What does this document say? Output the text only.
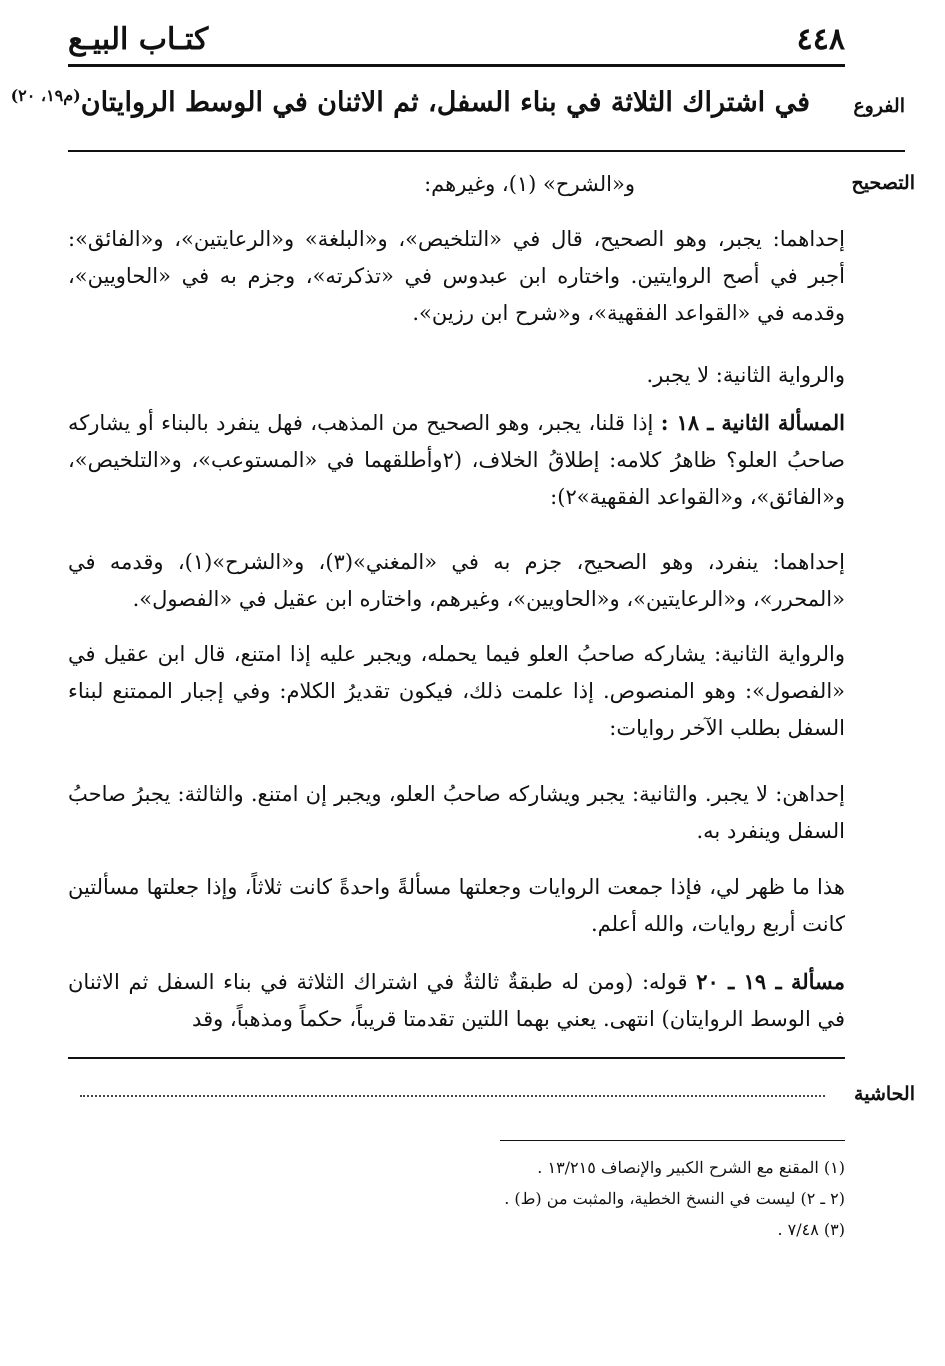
٤٤٨
كتـاب البيـع
الفروع
في اشتراك الثلاثة في بناء السفل، ثم الاثنان في الوسط الروايتان$^{(م١٩، ٢٠)}$
التصحيح

و«الشرح» (١)، وغيرهم:

إحداهما: يجبر، وهو الصحيح، قال في «التلخيص»، و«البلغة» و«الرعايتين»، و«الفائق»: أجبر في أصح الروايتين. واختاره ابن عبدوس في «تذكرته»، وجزم به في «الحاويين»، وقدمه في «القواعد الفقهية»، و«شرح ابن رزين».

والرواية الثانية: لا يجبر.

المسألة الثانية ـ ١٨ : إذا قلنا، يجبر، وهو الصحيح من المذهب، فهل ينفرد بالبناء أو يشاركه صاحبُ العلو؟ ظاهرُ كلامه: إطلاقُ الخلاف، (٢وأطلقهما في «المستوعب»، و«التلخيص»، و«الفائق»، و«القواعد الفقهية»٢):

إحداهما: ينفرد، وهو الصحيح، جزم به في «المغني»(٣)، و«الشرح»(١)، وقدمه في «المحرر»، و«الرعايتين»، و«الحاويين»، وغيرهم، واختاره ابن عقيل في «الفصول».

والرواية الثانية: يشاركه صاحبُ العلو فيما يحمله، ويجبر عليه إذا امتنع، قال ابن عقيل في «الفصول»: وهو المنصوص. إذا علمت ذلك، فيكون تقديرُ الكلام: وفي إجبار الممتنع لبناء السفل بطلب الآخر روايات:

إحداهن: لا يجبر. والثانية: يجبر ويشاركه صاحبُ العلو، ويجبر إن امتنع. والثالثة: يجبرُ صاحبُ السفل وينفرد به.

هذا ما ظهر لي، فإذا جمعت الروايات وجعلتها مسألةً واحدةً كانت ثلاثاً، وإذا جعلتها مسألتين كانت أربع روايات، والله أعلم.

مسألة ـ ١٩ ـ ٢٠ قوله: (ومن له طبقةٌ ثالثةٌ في اشتراك الثلاثة في بناء السفل ثم الاثنان في الوسط الروايتان) انتهى. يعني بهما اللتين تقدمتا قريباً، حكماً ومذهباً، وقد

الحاشية
(١) المقنع مع الشرح الكبير والإنصاف ١٣/٢١٥ .
(٢ ـ ٢) ليست في النسخ الخطية، والمثبت من (ط) .
(٣) ٧/٤٨ .
